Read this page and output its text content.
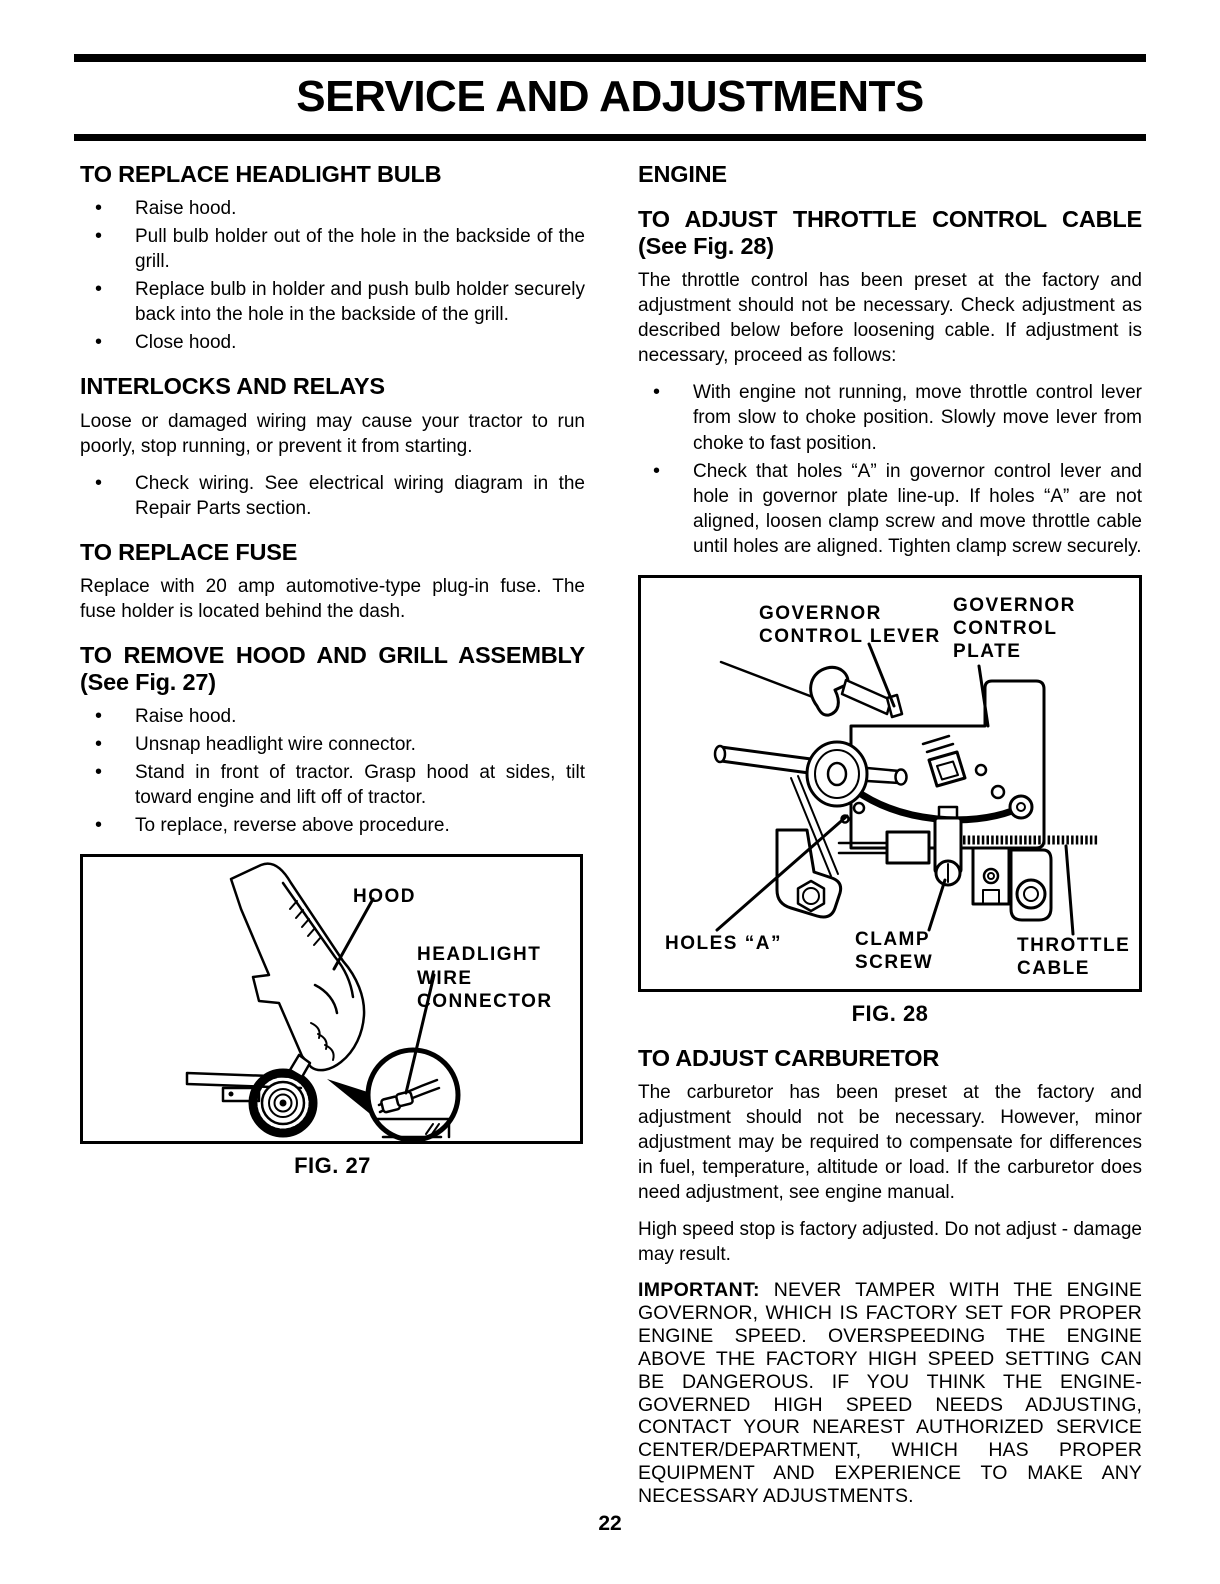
SERVICE AND ADJUSTMENTS
TO REPLACE HEADLIGHT BULB
• Raise hood.
• Pull bulb holder out of the hole in the backside of the grill.
• Replace bulb in holder and push bulb holder securely back into the hole in the backside of the grill.
• Close hood.
INTERLOCKS AND RELAYS

Loose or damaged wiring may cause your tractor to run poorly, stop running, or prevent it from starting.

• Check wiring. See electrical wiring diagram in the Repair Parts section.
TO REPLACE FUSE

Replace with 20 amp automotive-type plug-in fuse. The fuse holder is located behind the dash.

TO REMOVE HOOD AND GRILL ASSEMBLY (See Fig. 27)
• Raise hood.
• Unsnap headlight wire connector.
• Stand in front of tractor. Grasp hood at sides, tilt toward engine and lift off of tractor.
• To replace, reverse above procedure.
HOOD
HEADLIGHT WIRE CONNECTOR
FIG. 27
ENGINE
TO ADJUST THROTTLE CONTROL CABLE (See Fig. 28)

The throttle control has been preset at the factory and adjustment should not be necessary. Check adjustment as described below before loosening cable. If adjustment is necessary, proceed as follows:

• With engine not running, move throttle control lever from slow to choke position. Slowly move lever from choke to fast position.
• Check that holes “A” in governor control lever and hole in governor plate line-up. If holes “A” are not aligned, loosen clamp screw and move throttle cable until holes are aligned. Tighten clamp screw securely.
GOVERNOR CONTROL LEVER
GOVERNOR CONTROL PLATE
HOLES “A”	CLAMP SCREW
THROTTLE CABLE
FIG. 28
TO ADJUST CARBURETOR

The carburetor has been preset at the factory and adjustment should not be necessary. However, minor adjustment may be required to compensate for differences in fuel, temperature, altitude or load. If the carburetor does need adjustment, see engine manual.

High speed stop is factory adjusted. Do not adjust - damage may result.

IMPORTANT: NEVER TAMPER WITH THE ENGINE GOVERNOR, WHICH IS FACTORY SET FOR PROPER ENGINE SPEED. OVERSPEEDING THE ENGINE ABOVE THE FACTORY HIGH SPEED SETTING CAN BE DANGEROUS. IF YOU THINK THE ENGINE-GOVERNED HIGH SPEED NEEDS ADJUSTING, CONTACT YOUR NEAREST AUTHORIZED SERVICE CENTER/DEPARTMENT, WHICH HAS PROPER EQUIPMENT AND EXPERIENCE TO MAKE ANY NECESSARY ADJUSTMENTS.

22
